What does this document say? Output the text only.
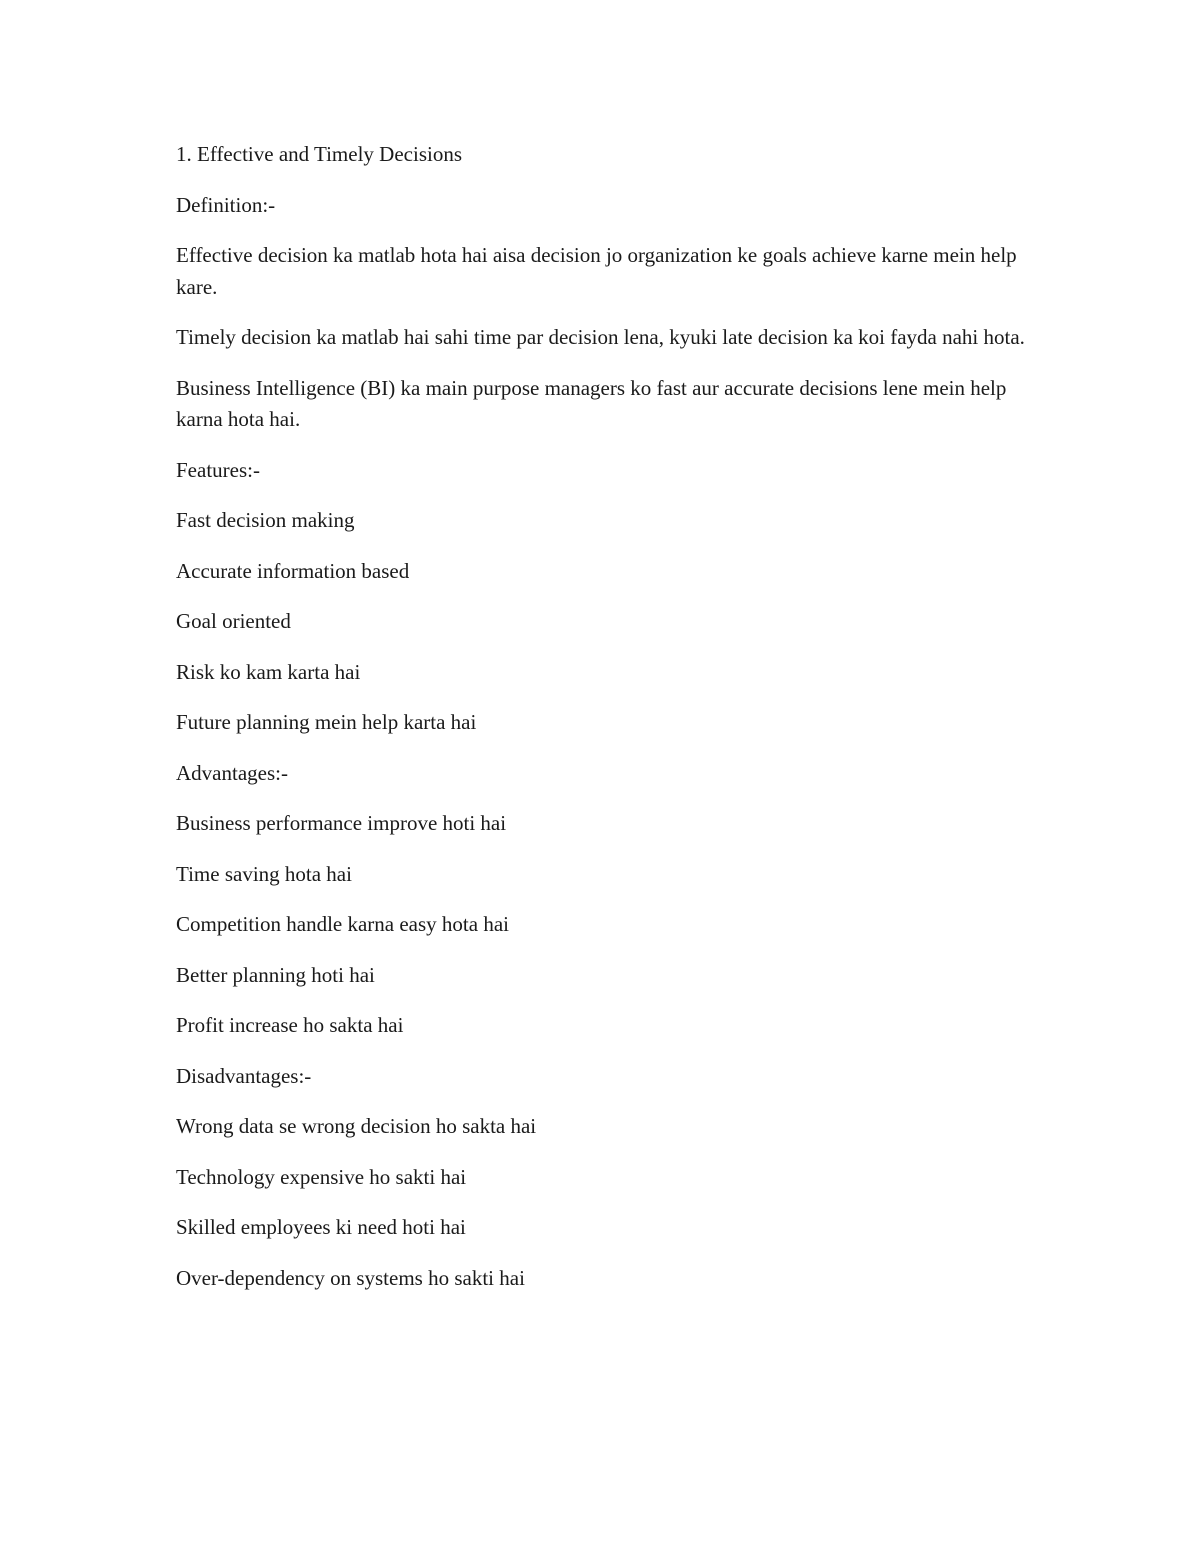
1. Effective and Timely Decisions

Definition:-

Effective decision ka matlab hota hai aisa decision jo organization ke goals achieve karne mein help kare.

Timely decision ka matlab hai sahi time par decision lena, kyuki late decision ka koi fayda nahi hota.

Business Intelligence (BI) ka main purpose managers ko fast aur accurate decisions lene mein help karna hota hai.

Features:-

Fast decision making

Accurate information based

Goal oriented

Risk ko kam karta hai

Future planning mein help karta hai

Advantages:-

Business performance improve hoti hai

Time saving hota hai

Competition handle karna easy hota hai

Better planning hoti hai

Profit increase ho sakta hai

Disadvantages:-

Wrong data se wrong decision ho sakta hai

Technology expensive ho sakti hai

Skilled employees ki need hoti hai

Over-dependency on systems ho sakti hai
